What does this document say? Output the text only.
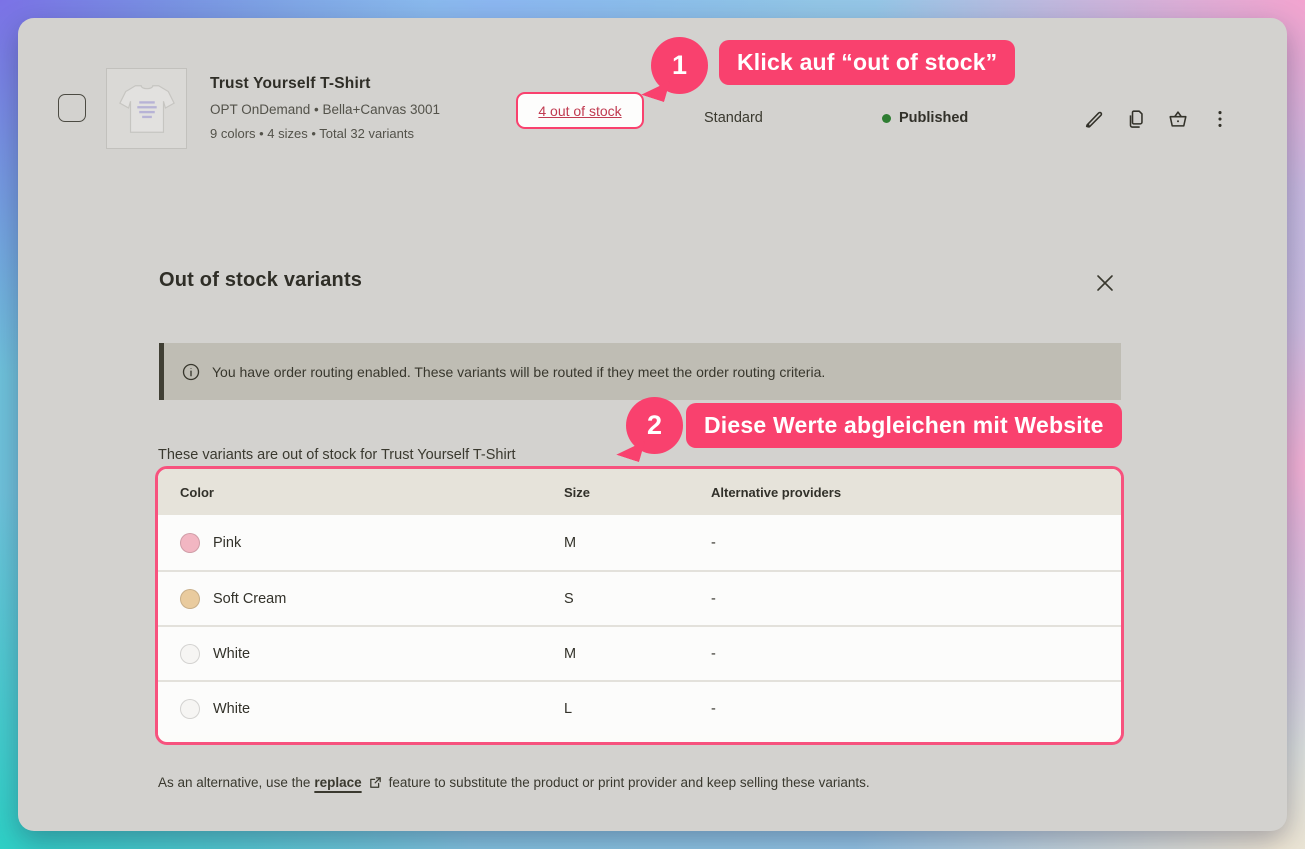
Trust Yourself T-Shirt
OPT OnDemand • Bella+Canvas 3001
9 colors • 4 sizes • Total 32 variants
4 out of stock	Standard	Published
1	Klick auf “out of stock”
Out of stock variants
You have order routing enabled. These variants will be routed if they meet the order routing criteria.
These variants are out of stock for Trust Yourself T-Shirt
2	Diese Werte abgleichen mit Website
Color	Size	Alternative providers
Pink	M	-
Soft Cream	S	-
White	M	-
White	L	-
As an alternative, use the replace feature to substitute the product or print provider and keep selling these variants.
